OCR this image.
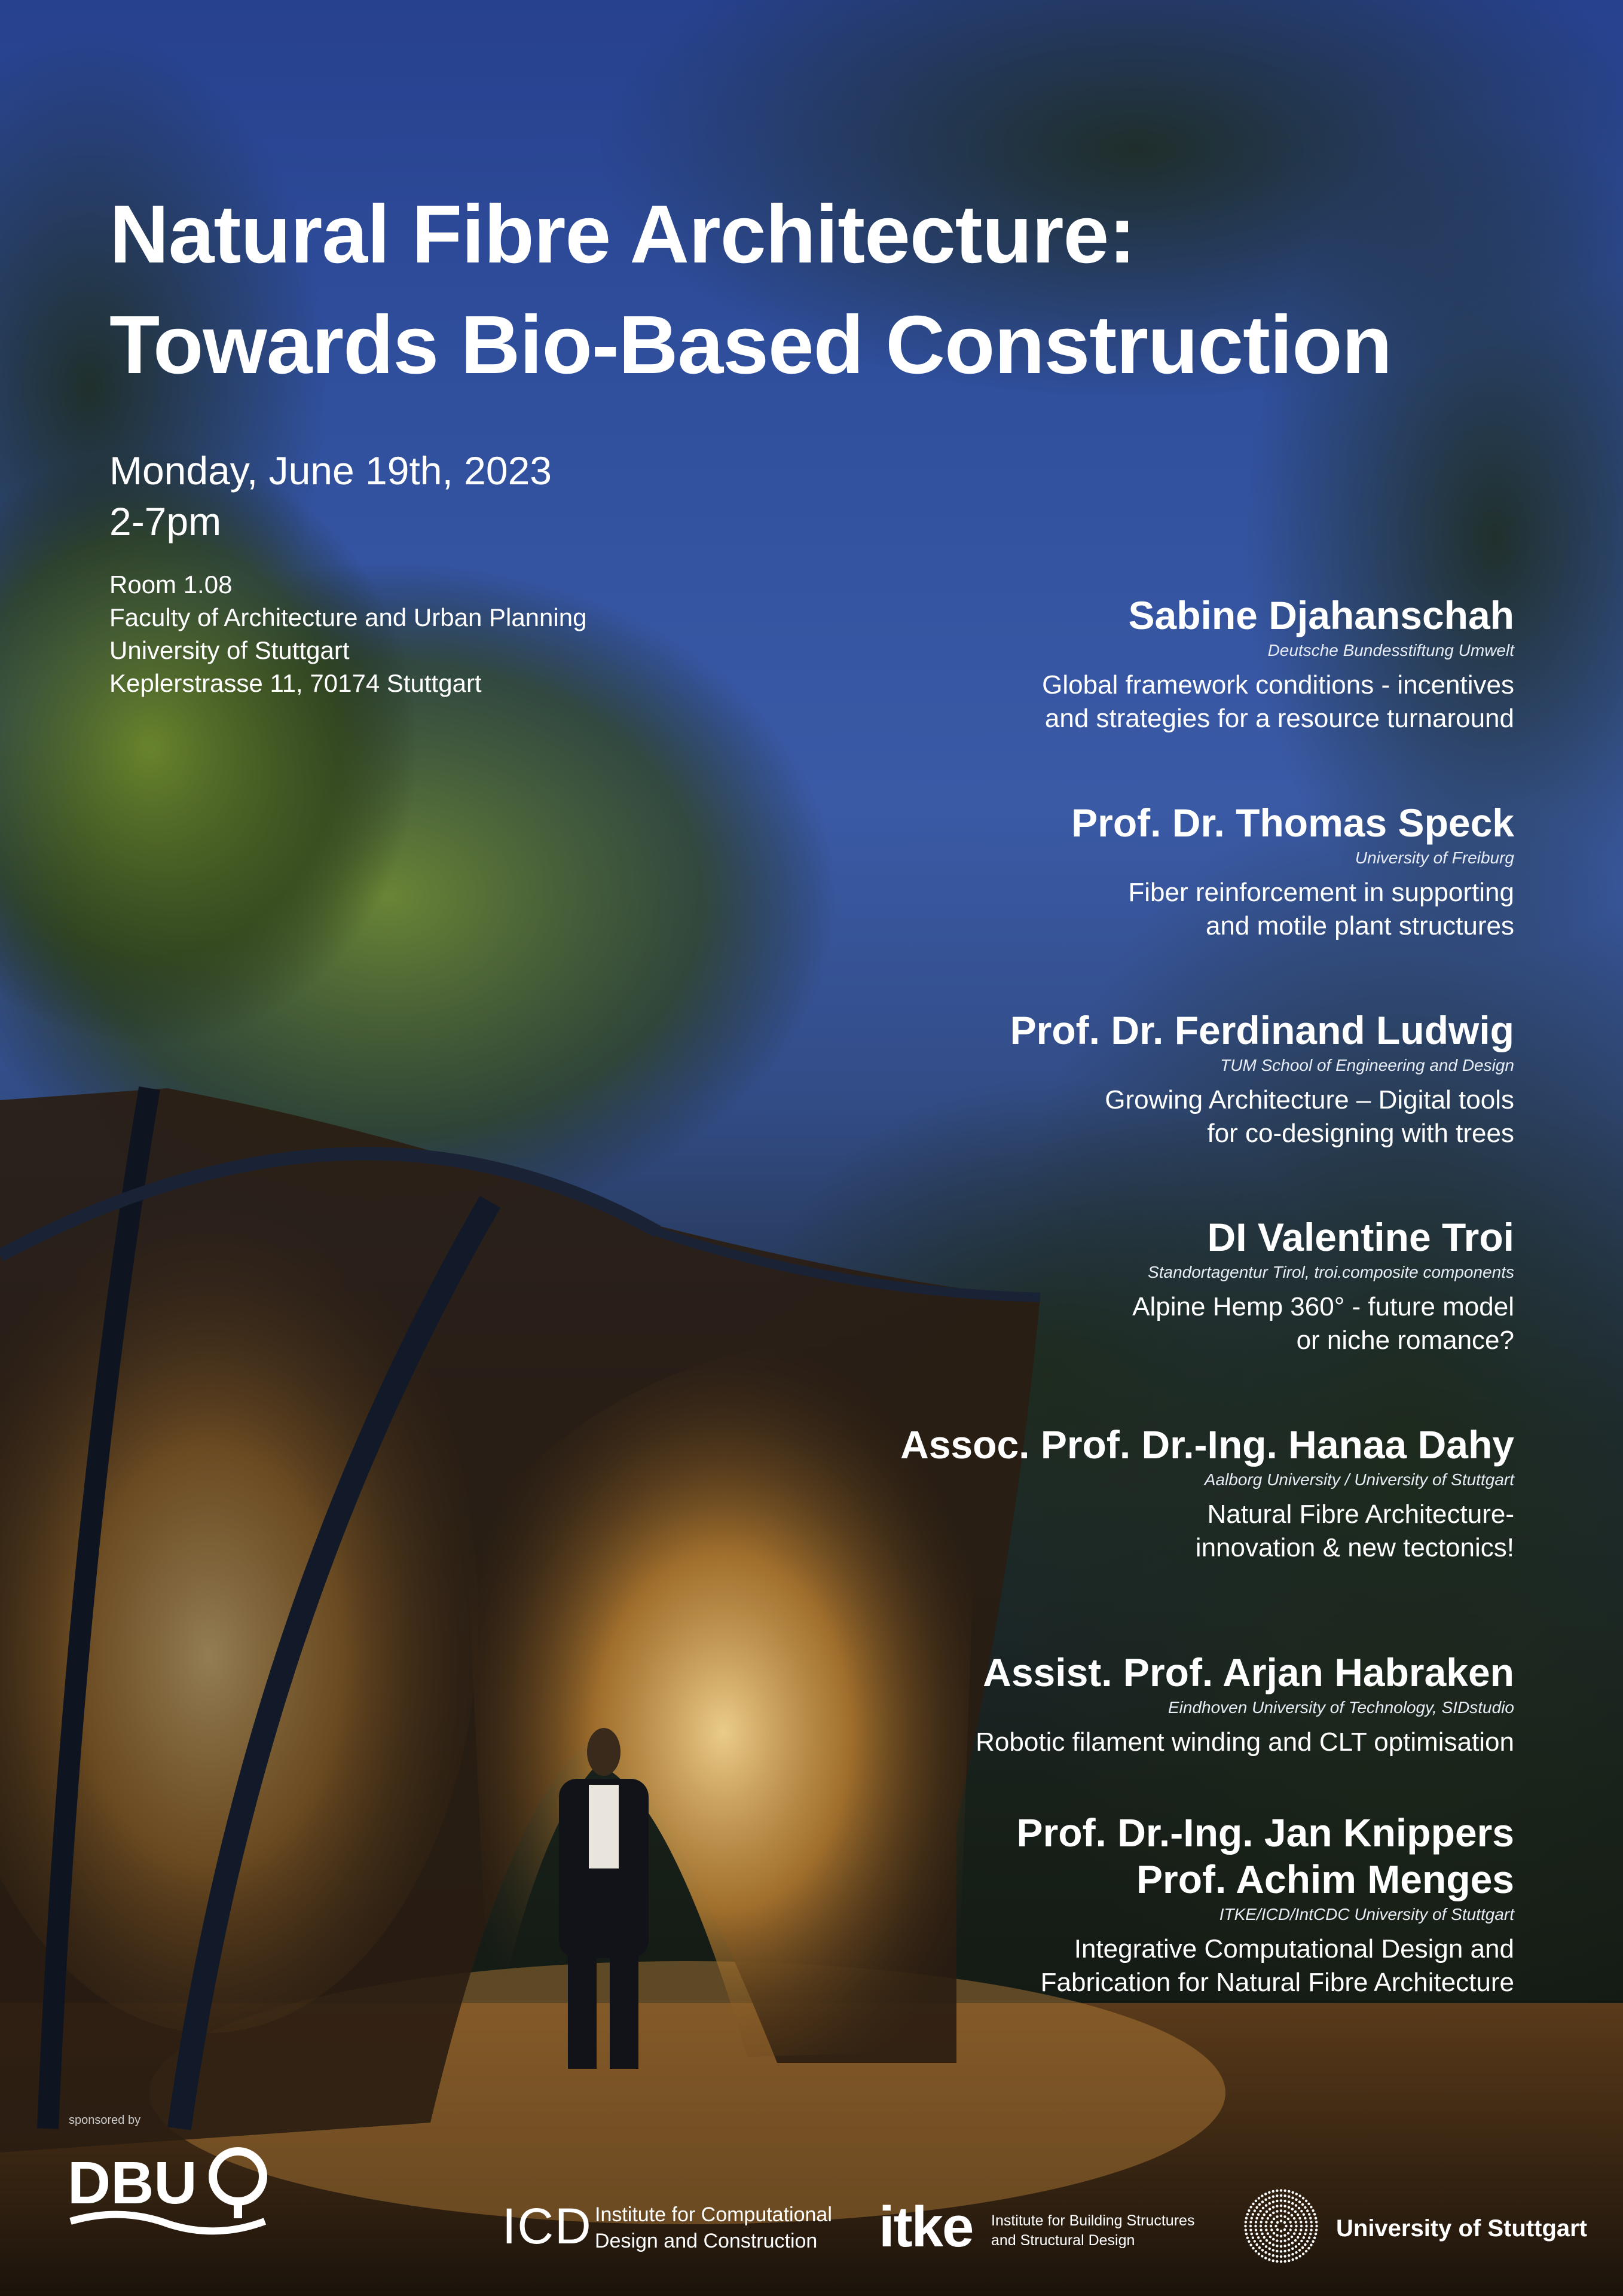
Natural Fibre Architecture:
Towards Bio-Based Construction
Monday, June 19th, 2023
2-7pm
Room 1.08
Faculty of Architecture and Urban Planning
University of Stuttgart
Keplerstrasse 11, 70174 Stuttgart
Sabine Djahanschah
Deutsche Bundesstiftung Umwelt
Global framework conditions - incentives
and strategies for a resource turnaround
Prof. Dr. Thomas Speck
University of Freiburg
Fiber reinforcement in supporting
and motile plant structures
Prof. Dr. Ferdinand Ludwig
TUM School of Engineering and Design
Growing Architecture – Digital tools
for co-designing with trees
DI Valentine Troi
Standortagentur Tirol, troi.composite components
Alpine Hemp 360° - future model
or niche romance?
Assoc. Prof. Dr.-Ing. Hanaa Dahy
Aalborg University / University of Stuttgart
Natural Fibre Architecture-
innovation & new tectonics!
Assist. Prof. Arjan Habraken
Eindhoven University of Technology, SIDstudio
Robotic filament winding and CLT optimisation
Prof. Dr.-Ing. Jan Knippers
Prof. Achim Menges
ITKE/ICD/IntCDC University of Stuttgart
Integrative Computational Design and
Fabrication for Natural Fibre Architecture
sponsored by
DBU
ICD Institute for Computational
Design and Construction itke Institute for Building Structures
and Structural Design	University of Stuttgart
